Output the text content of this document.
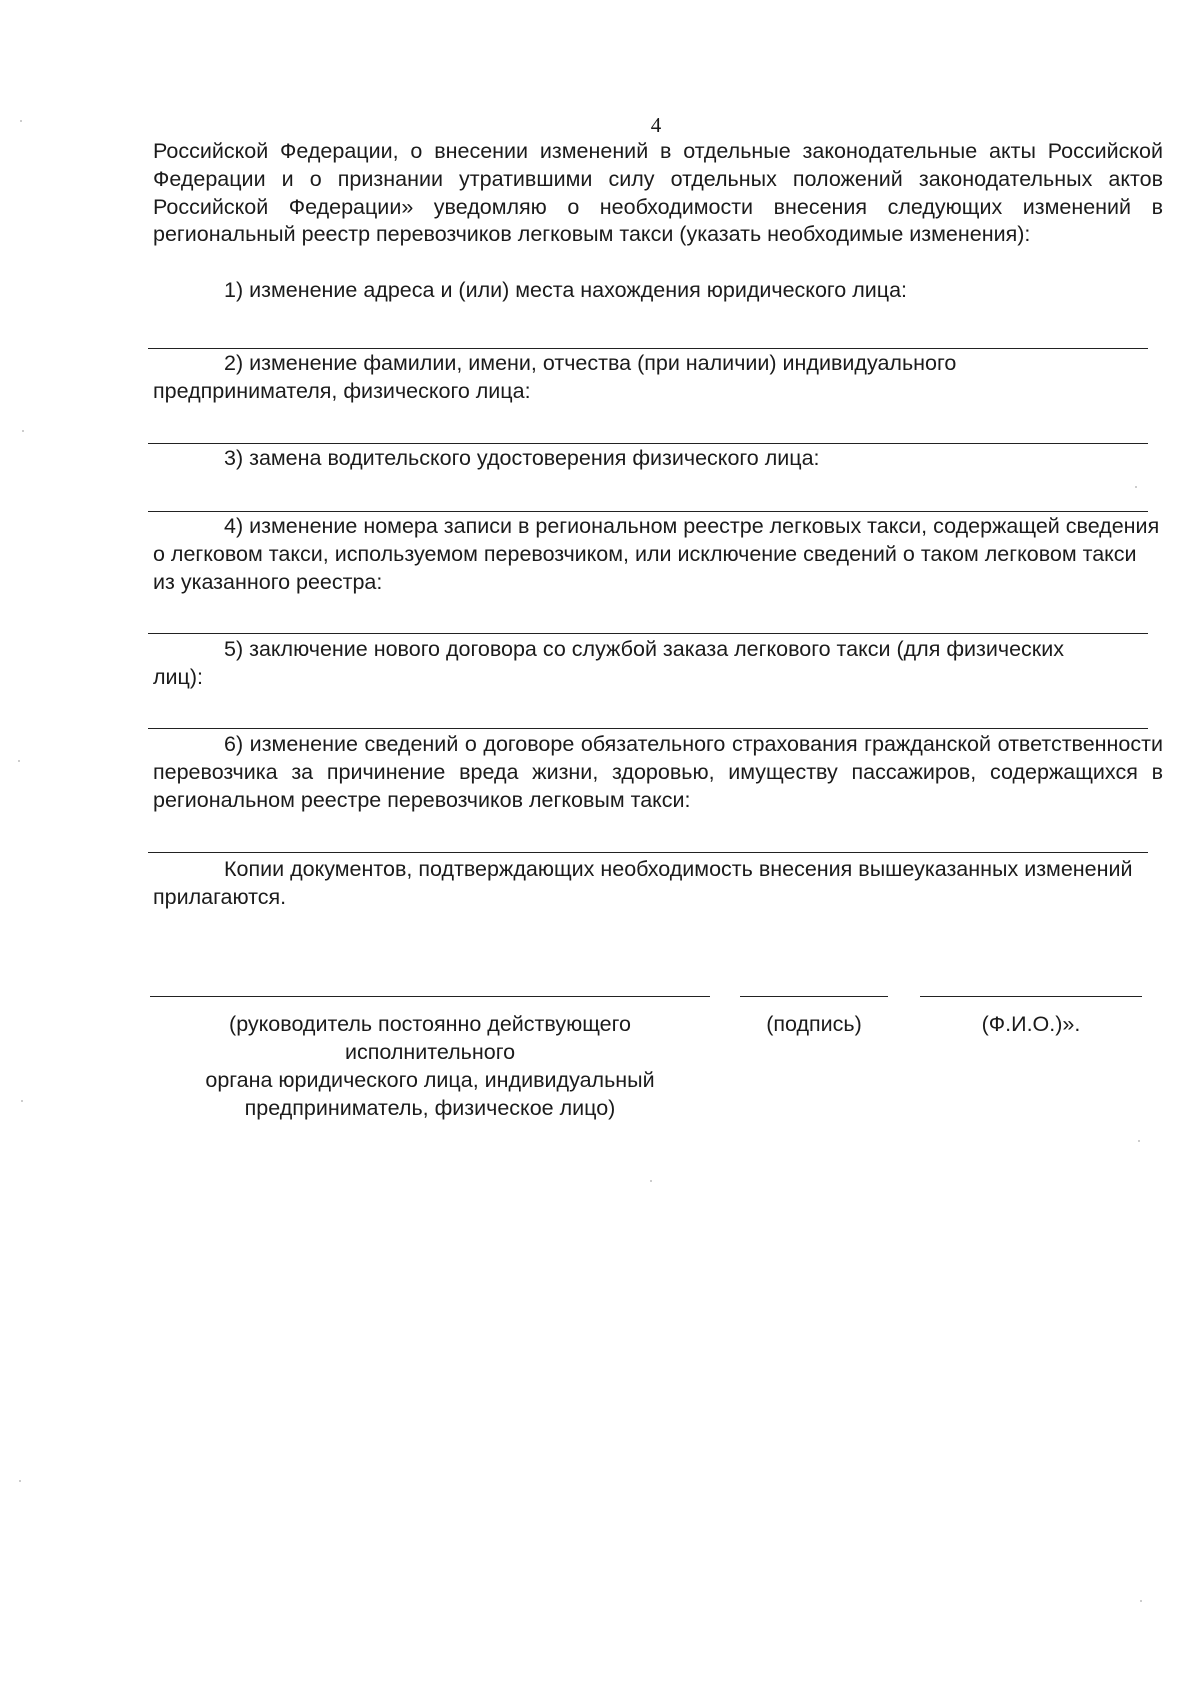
4

Российской Федерации, о внесении изменений в отдельные законодательные акты Российской Федерации и о признании утратившими силу отдельных положений законодательных актов Российской Федерации» уведомляю о необходимости внесения следующих изменений в региональный реестр перевозчиков легковым такси (указать необходимые изменения):

1) изменение адреса и (или) места нахождения юридического лица:

2) изменение фамилии, имени, отчества (при наличии) индивидуального предпринимателя, физического лица:

3) замена водительского удостоверения физического лица:

4) изменение номера записи в региональном реестре легковых такси, содержащей сведения о легковом такси, используемом перевозчиком, или исключение сведений о таком легковом такси из указанного реестра:

5) заключение нового договора со службой заказа легкового такси (для физических лиц):

6) изменение сведений о договоре обязательного страхования гражданской ответственности перевозчика за причинение вреда жизни, здоровью, имуществу пассажиров, содержащихся в региональном реестре перевозчиков легковым такси:

Копии документов, подтверждающих необходимость внесения вышеуказанных изменений прилагаются.

(руководитель постоянно действующего
исполнительного
органа юридического лица, индивидуальный
предприниматель, физическое лицо)
(подпись)	(Ф.И.О.)».
